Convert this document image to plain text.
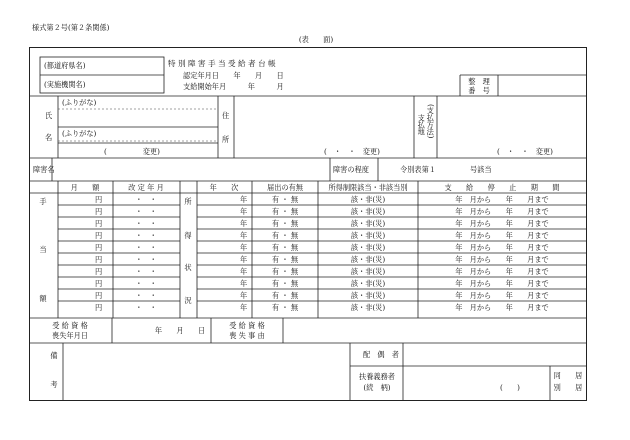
様式第２号(第２条関係)
(表　　面)
(都道府県名)
(実施機関名)
特 別 障 害 手 当 受 給 者 台 帳
認定年月日　　年　　月　　日
支給開始年月　　　年　　　月
整　理
番　号
(ふりがな)
(ふりがな)
氏
名
(　　　　　変更)
住
所
(　・　・　変更)
(支払方法)
支払地
(　・　・　変更)
障害名	障害の程度	令別表第１	号該当
手
当
額
月　　額	改 定 年 月
所
得
状
況
年　　次	届出の有無	所得制限該当・非該当別	支　　給　　停　　止　　期　　間
円	・　・	年	有 ・ 無	該・非(災)	年　月から　　年　　月まで
円	・　・	年	有 ・ 無	該・非(災)	年　月から　　年　　月まで
円	・　・	年	有 ・ 無	該・非(災)	年　月から　　年　　月まで
円	・　・	年	有 ・ 無	該・非(災)	年　月から　　年　　月まで
円	・　・	年	有 ・ 無	該・非(災)	年　月から　　年　　月まで
円	・　・	年	有 ・ 無	該・非(災)	年　月から　　年　　月まで
円	・　・	年	有 ・ 無	該・非(災)	年　月から　　年　　月まで
円	・　・	年	有 ・ 無	該・非(災)	年　月から　　年　　月まで
円	・　・	年	有 ・ 無	該・非(災)	年　月から　　年　　月まで
円	・　・	年	有 ・ 無	該・非(災)	年　月から　　年　　月まで
受 給 資 格
喪失年月日
年　　月　　日
受 給 資 格
喪 失 事 由
備
考
配　偶　者
扶養義務者
(続　柄)	(　　)
同　　居
別　　居
